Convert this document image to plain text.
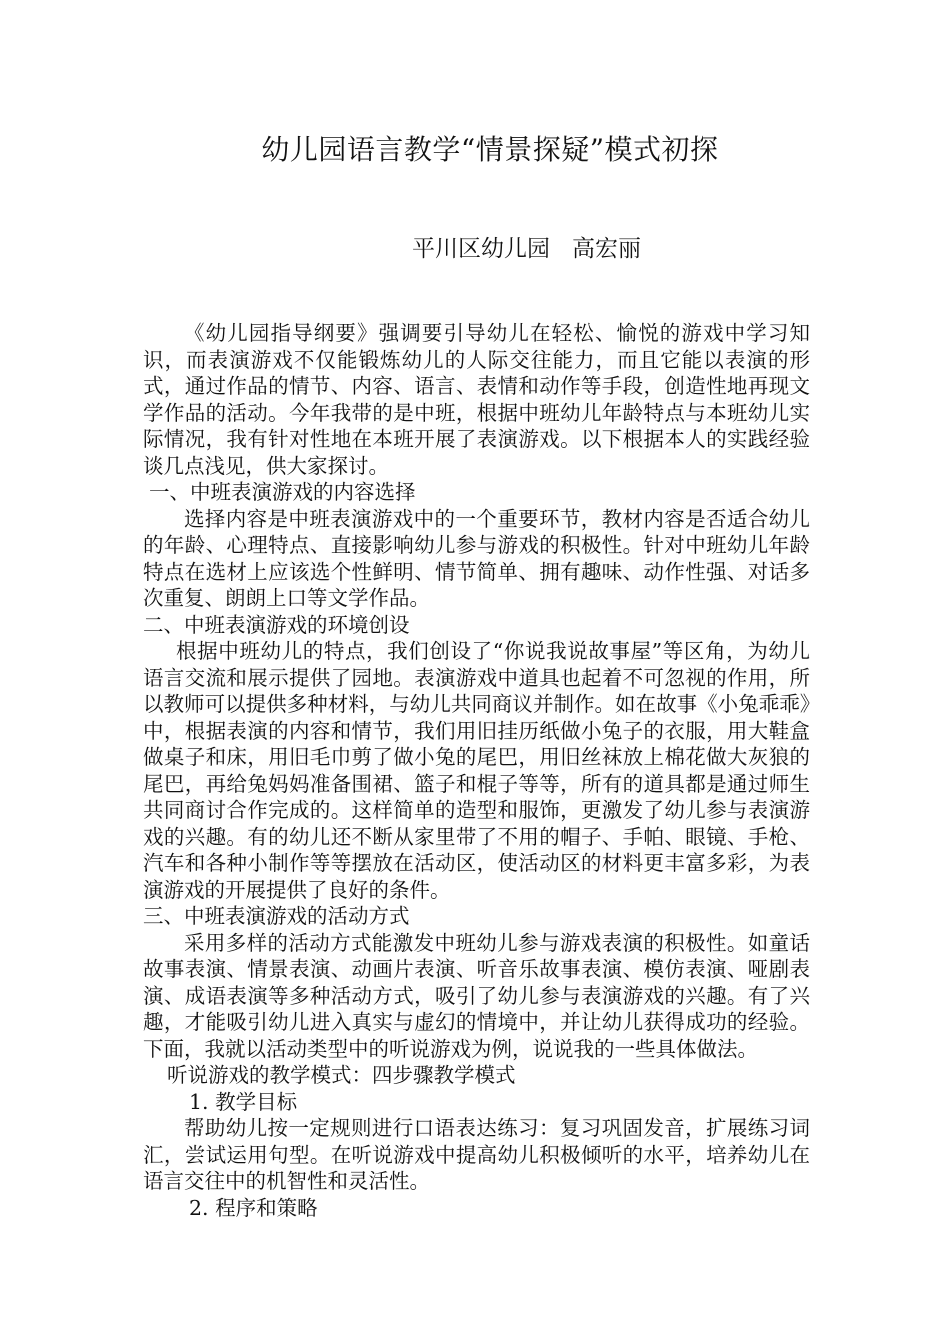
幼儿园语言教学“情景探疑”模式初探
平川区幼儿园 高宏丽

《幼儿园指导纲要》强调要引导幼儿在轻松、愉悦的游戏中学习知识，而表演游戏不仅能锻炼幼儿的人际交往能力，而且它能以表演的形式，通过作品的情节、内容、语言、表情和动作等手段，创造性地再现文学作品的活动。今年我带的是中班，根据中班幼儿年龄特点与本班幼儿实际情况，我有针对性地在本班开展了表演游戏。以下根据本人的实践经验谈几点浅见，供大家探讨。

一、中班表演游戏的内容选择

选择内容是中班表演游戏中的一个重要环节，教材内容是否适合幼儿的年龄、心理特点、直接影响幼儿参与游戏的积极性。针对中班幼儿年龄特点在选材上应该选个性鲜明、情节简单、拥有趣味、动作性强、对话多次重复、朗朗上口等文学作品。

二、中班表演游戏的环境创设

根据中班幼儿的特点，我们创设了“你说我说故事屋”等区角，为幼儿语言交流和展示提供了园地。表演游戏中道具也起着不可忽视的作用，所以教师可以提供多种材料，与幼儿共同商议并制作。如在故事《小兔乖乖》中，根据表演的内容和情节，我们用旧挂历纸做小兔子的衣服，用大鞋盒做桌子和床，用旧毛巾剪了做小兔的尾巴，用旧丝袜放上棉花做大灰狼的尾巴，再给兔妈妈准备围裙、篮子和棍子等等，所有的道具都是通过师生共同商讨合作完成的。这样简单的造型和服饰，更激发了幼儿参与表演游戏的兴趣。有的幼儿还不断从家里带了不用的帽子、手帕、眼镜、手枪、汽车和各种小制作等等摆放在活动区，使活动区的材料更丰富多彩，为表演游戏的开展提供了良好的条件。

三、中班表演游戏的活动方式

采用多样的活动方式能激发中班幼儿参与游戏表演的积极性。如童话故事表演、情景表演、动画片表演、听音乐故事表演、模仿表演、哑剧表演、成语表演等多种活动方式，吸引了幼儿参与表演游戏的兴趣。有了兴趣，才能吸引幼儿进入真实与虚幻的情境中，并让幼儿获得成功的经验。下面，我就以活动类型中的听说游戏为例，说说我的一些具体做法。

听说游戏的教学模式：四步骤教学模式

1. 教学目标

帮助幼儿按一定规则进行口语表达练习：复习巩固发音，扩展练习词汇，尝试运用句型。在听说游戏中提高幼儿积极倾听的水平，培养幼儿在语言交往中的机智性和灵活性。

2. 程序和策略
